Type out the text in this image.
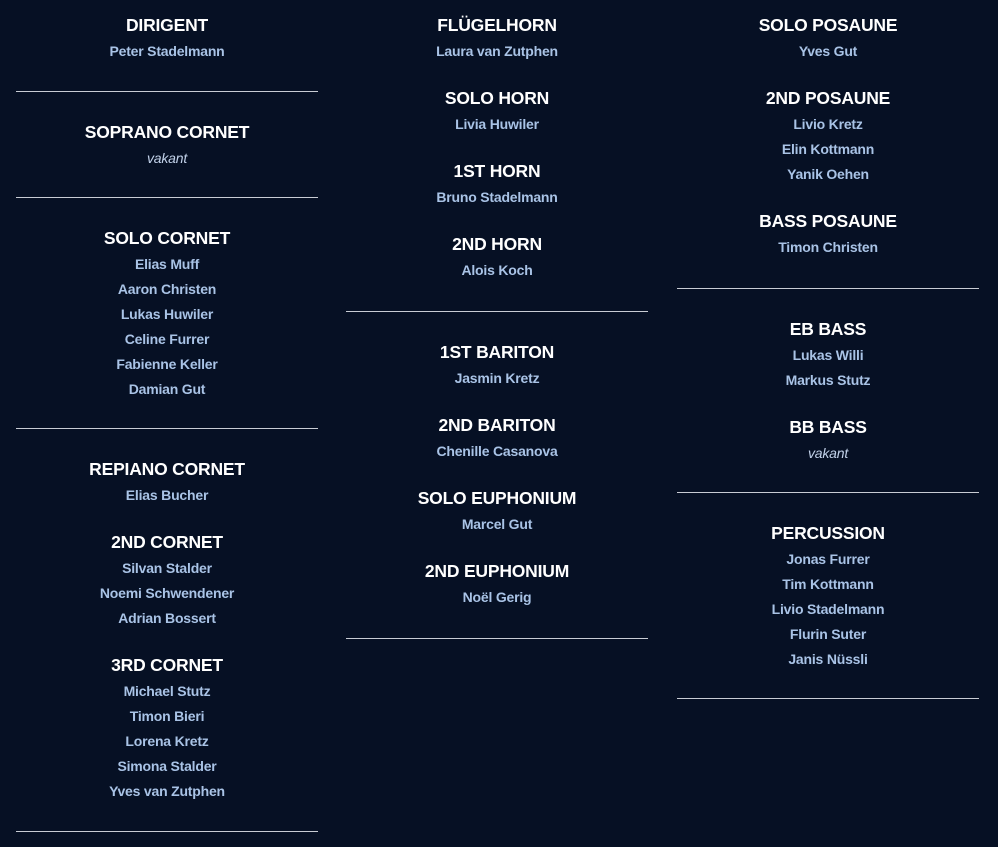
DIRIGENT
Peter Stadelmann
SOPRANO CORNET
vakant
SOLO CORNET
Elias Muff
Aaron Christen
Lukas Huwiler
Celine Furrer
Fabienne Keller
Damian Gut
REPIANO CORNET
Elias Bucher
2ND CORNET
Silvan Stalder
Noemi Schwendener
Adrian Bossert
3RD CORNET
Michael Stutz
Timon Bieri
Lorena Kretz
Simona Stalder
Yves van Zutphen
FLÜGELHORN
Laura van Zutphen
SOLO HORN
Livia Huwiler
1ST HORN
Bruno Stadelmann
2ND HORN
Alois Koch
1ST BARITON
Jasmin Kretz
2ND BARITON
Chenille Casanova
SOLO EUPHONIUM
Marcel Gut
2ND EUPHONIUM
Noël Gerig
SOLO POSAUNE
Yves Gut
2ND POSAUNE
Livio Kretz
Elin Kottmann
Yanik Oehen
BASS POSAUNE
Timon Christen
EB BASS
Lukas Willi
Markus Stutz
BB BASS
vakant
PERCUSSION
Jonas Furrer
Tim Kottmann
Livio Stadelmann
Flurin Suter
Janis Nüssli
